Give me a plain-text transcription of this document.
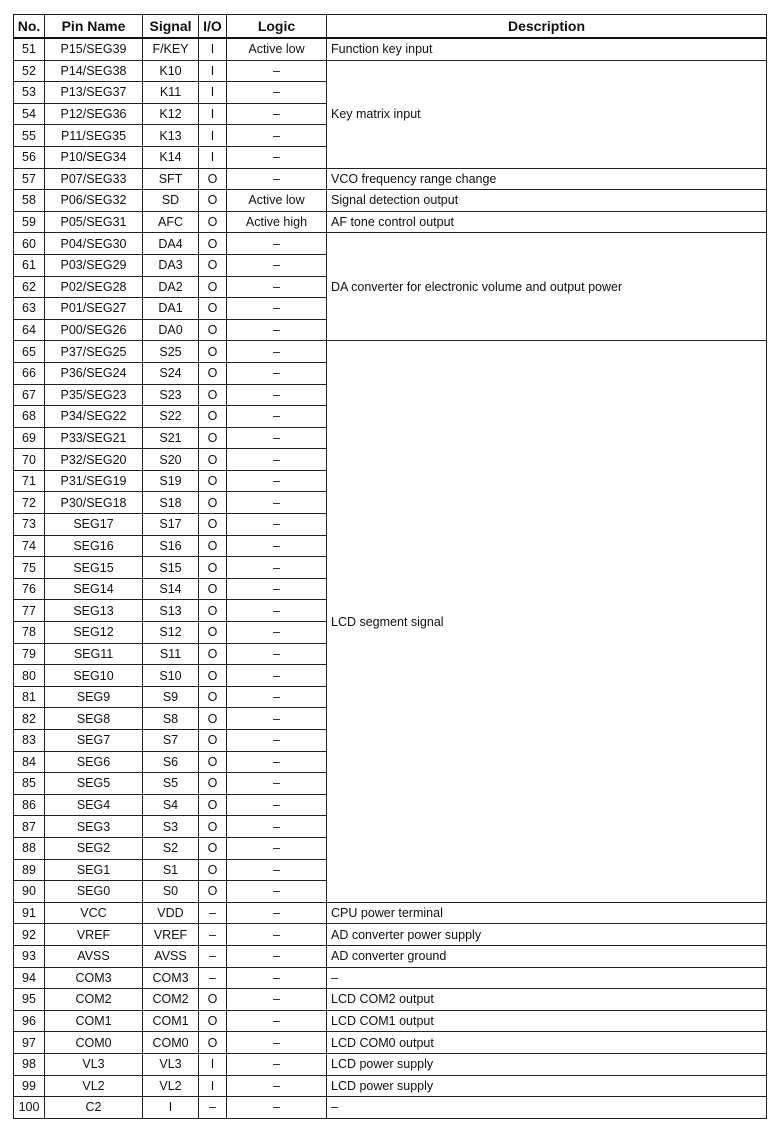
No.	Pin Name	Signal	I/O	Logic	Description
51	P15/SEG39	F/KEY	I	Active low	Function key input
52	P14/SEG38	K10	I	–	Key matrix input
53	P13/SEG37	K11	I	–	
54	P12/SEG36	K12	I	–	
55	P11/SEG35	K13	I	–	
56	P10/SEG34	K14	I	–	
57	P07/SEG33	SFT	O	–	VCO frequency range change
58	P06/SEG32	SD	O	Active low	Signal detection output
59	P05/SEG31	AFC	O	Active high	AF tone control output
60	P04/SEG30	DA4	O	–	DA converter for electronic volume and output power
61	P03/SEG29	DA3	O	–	
62	P02/SEG28	DA2	O	–	
63	P01/SEG27	DA1	O	–	
64	P00/SEG26	DA0	O	–	
65	P37/SEG25	S25	O	–	LCD segment signal
66	P36/SEG24	S24	O	–	
67	P35/SEG23	S23	O	–	
68	P34/SEG22	S22	O	–	
69	P33/SEG21	S21	O	–	
70	P32/SEG20	S20	O	–	
71	P31/SEG19	S19	O	–	
72	P30/SEG18	S18	O	–	
73	SEG17	S17	O	–	
74	SEG16	S16	O	–	
75	SEG15	S15	O	–	
76	SEG14	S14	O	–	
77	SEG13	S13	O	–	
78	SEG12	S12	O	–	
79	SEG11	S11	O	–	
80	SEG10	S10	O	–	
81	SEG9	S9	O	–	
82	SEG8	S8	O	–	
83	SEG7	S7	O	–	
84	SEG6	S6	O	–	
85	SEG5	S5	O	–	
86	SEG4	S4	O	–	
87	SEG3	S3	O	–	
88	SEG2	S2	O	–	
89	SEG1	S1	O	–	
90	SEG0	S0	O	–	
91	VCC	VDD	–	–	CPU power terminal
92	VREF	VREF	–	–	AD converter power supply
93	AVSS	AVSS	–	–	AD converter ground
94	COM3	COM3	–	–	–
95	COM2	COM2	O	–	LCD COM2 output
96	COM1	COM1	O	–	LCD COM1 output
97	COM0	COM0	O	–	LCD COM0 output
98	VL3	VL3	I	–	LCD power supply
99	VL2	VL2	I	–	LCD power supply
100	C2	I	–	–	–
